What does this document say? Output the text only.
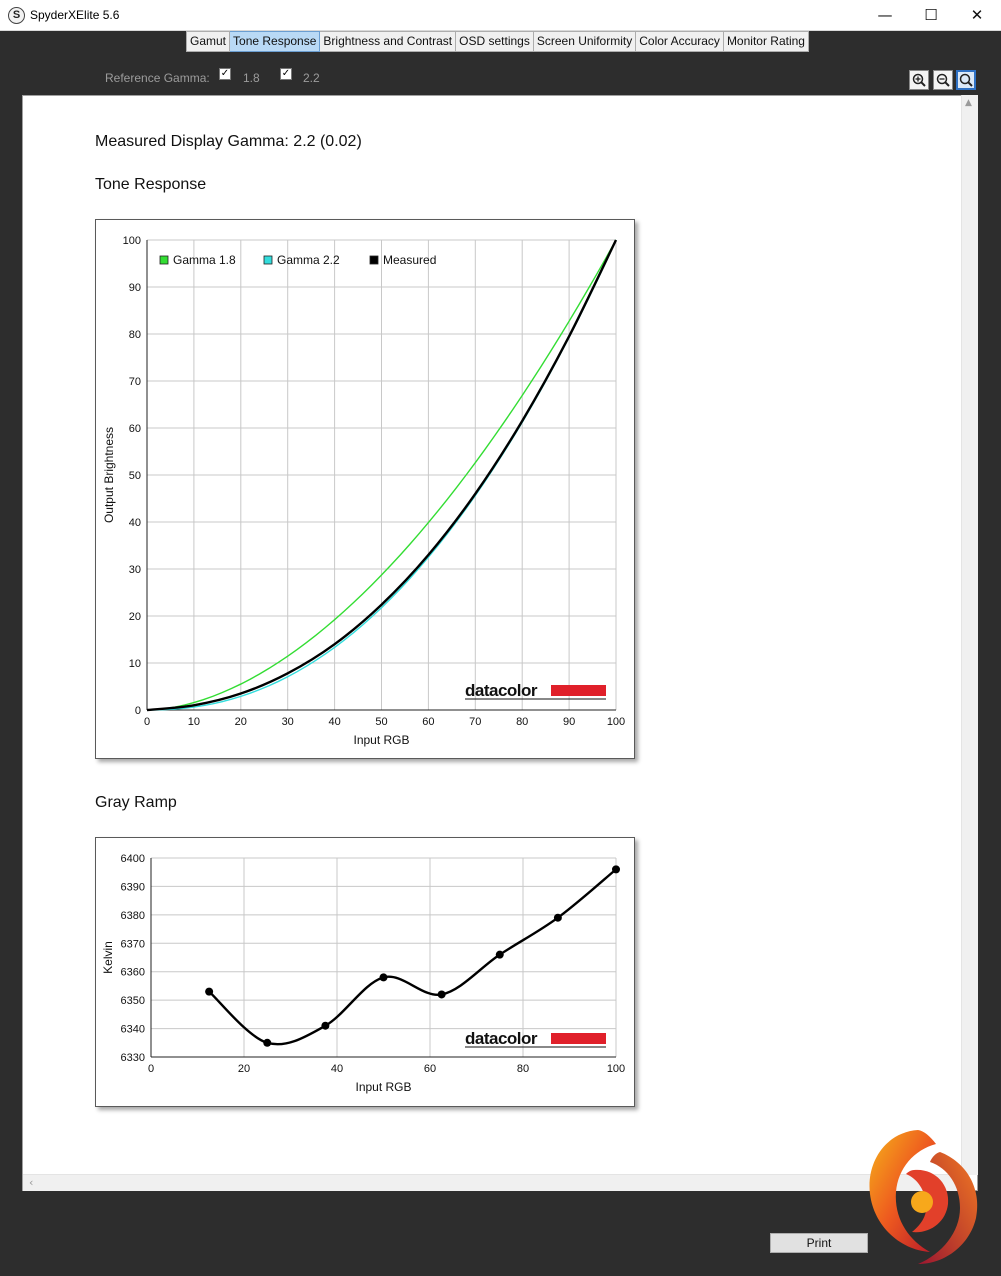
S SpyderXElite 5.6	—	☐	✕
Gamut Tone Response Brightness and Contrast OSD settings Screen Uniformity Color Accuracy Monitor Rating
Reference Gamma: ✓ 1.8 ✓ 2.2
▲
‹
Measured Display Gamma: 2.2 (0.02)
Tone Response
Gray Ramp
0	10	20	30	40	50	60	70	80	90	100
0
10
20
30
40
50
60
70
80
90
100
Input RGB
Output Brightness
datacolor
Gamma 1.8	Gamma 2.2	Measured
0	20	40	60	80	100
6330
6340
6350
6360
6370
6380
6390
6400
Input RGB
Kelvin
datacolor
Print
